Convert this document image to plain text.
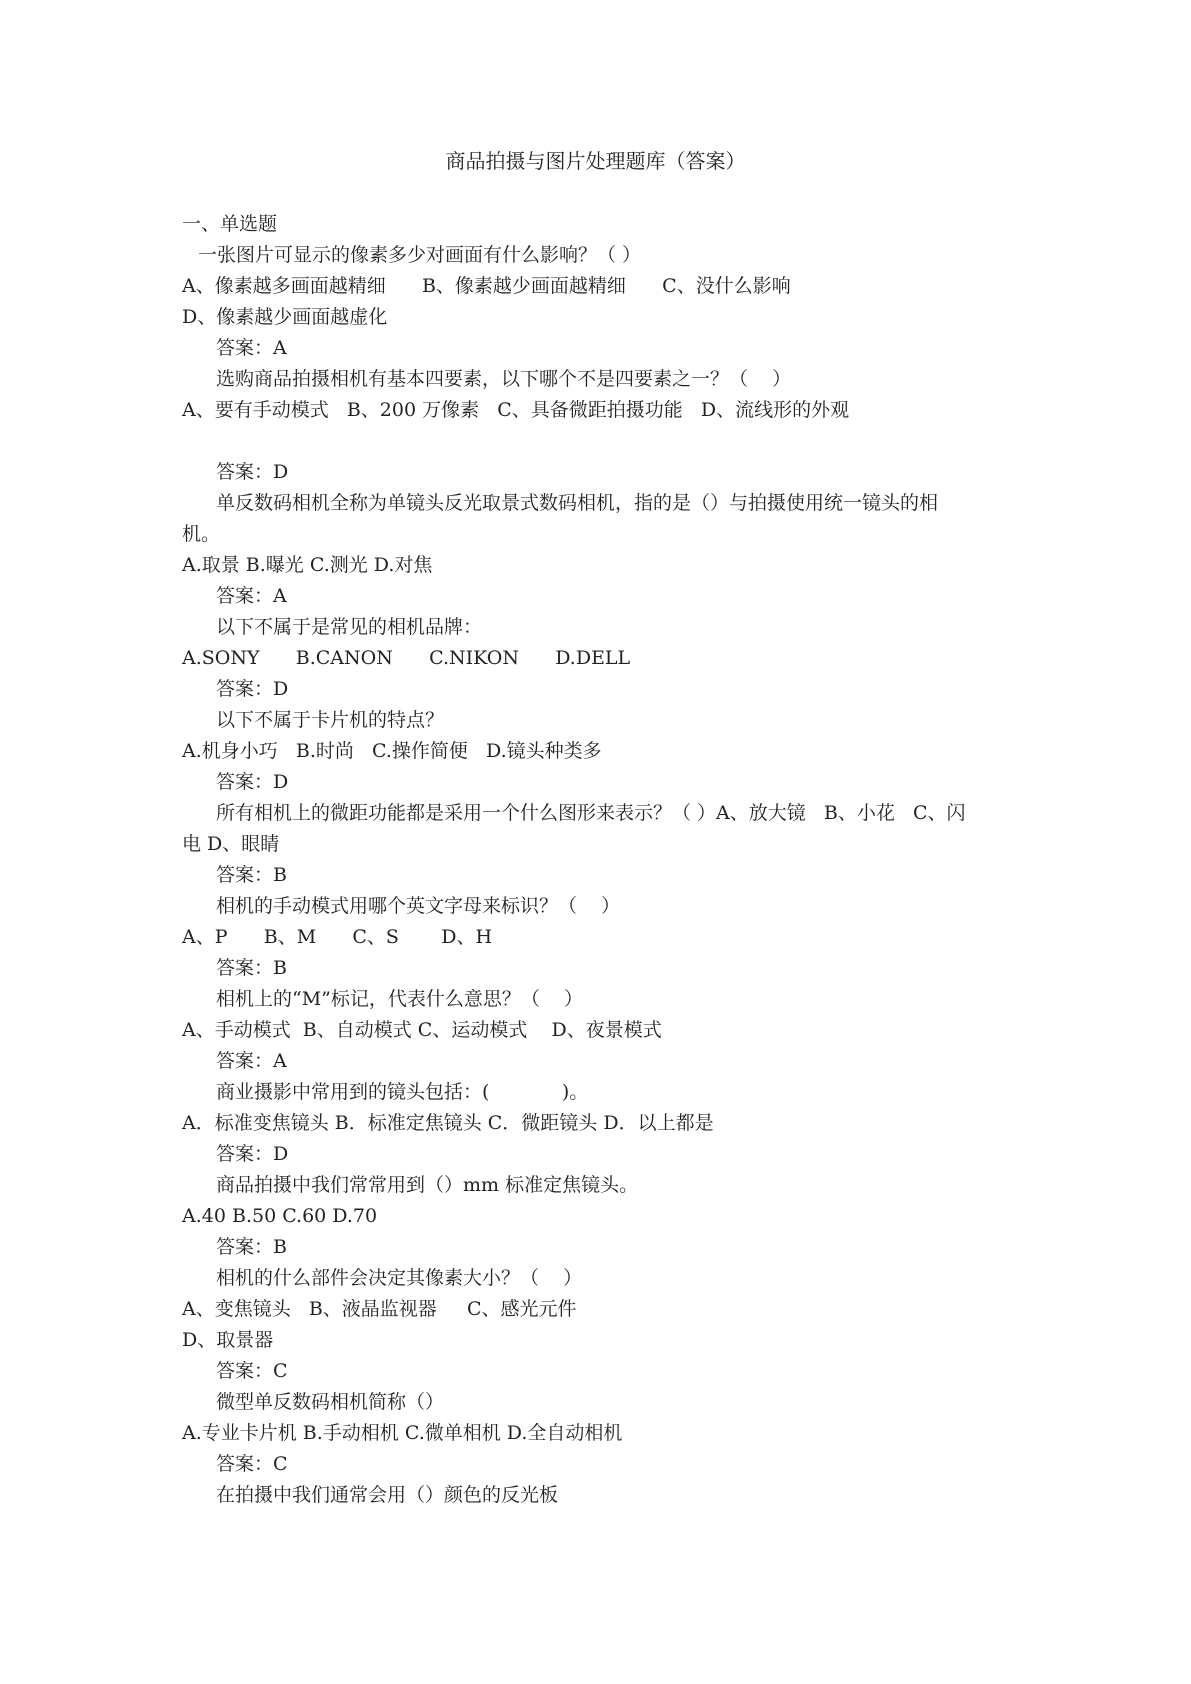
商品拍摄与图片处理题库（答案）
一、单选题
一张图片可显示的像素多少对画面有什么影响？（ ）
A、像素越多画面越精细      B、像素越少画面越精细      C、没什么影响
D、像素越少画面越虚化
答案：A
选购商品拍摄相机有基本四要素，以下哪个不是四要素之一？（    ）
A、要有手动模式   B、200 万像素   C、具备微距拍摄功能   D、流线形的外观
答案：D
单反数码相机全称为单镜头反光取景式数码相机，指的是（）与拍摄使用统一镜头的相
机。
A.取景 B.曝光 C.测光 D.对焦
答案：A
以下不属于是常见的相机品牌：
A.SONY      B.CANON      C.NIKON      D.DELL
答案：D
以下不属于卡片机的特点？
A.机身小巧   B.时尚   C.操作简便   D.镜头种类多
答案：D
所有相机上的微距功能都是采用一个什么图形来表示？（ ）A、放大镜   B、小花   C、闪
电 D、眼睛
答案：B
相机的手动模式用哪个英文字母来标识？（    ）
A、P      B、M      C、S       D、H
答案：B
相机上的“M”标记，代表什么意思？（    ）
A、手动模式  B、自动模式 C、运动模式    D、夜景模式
答案：A
商业摄影中常用到的镜头包括：(            )。
A．标准变焦镜头 B．标准定焦镜头 C．微距镜头 D．以上都是
答案：D
商品拍摄中我们常常用到（）mm 标准定焦镜头。
A.40 B.50 C.60 D.70
答案：B
相机的什么部件会决定其像素大小？（    ）
A、变焦镜头   B、液晶监视器     C、感光元件
D、取景器
答案：C
微型单反数码相机简称（）
A.专业卡片机 B.手动相机 C.微单相机 D.全自动相机
答案：C
在拍摄中我们通常会用（）颜色的反光板
